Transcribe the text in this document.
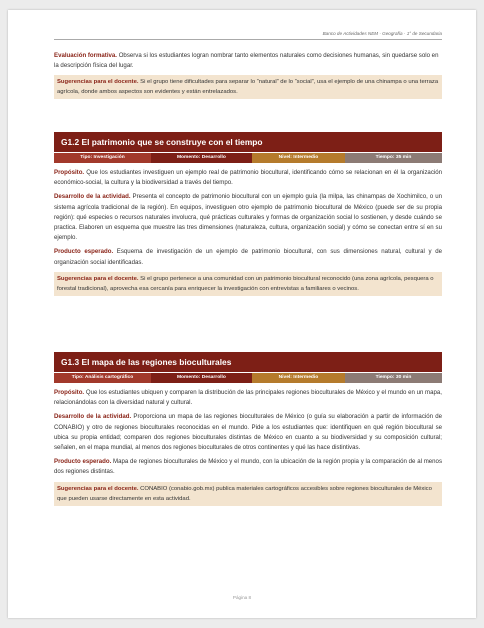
Banco de Actividades NEM · Geografía · 1° de Secundaria

Evaluación formativa. Observa si los estudiantes logran nombrar tanto elementos naturales como decisiones humanas, sin quedarse solo en la descripción física del lugar.

Sugerencias para el docente. Si el grupo tiene dificultades para separar lo “natural” de lo “social”, usa el ejemplo de una chinampa o una terraza agrícola, donde ambos aspectos son evidentes y están entrelazados.
G1.2 El patrimonio que se construye con el tiempo
Tipo: Investigación	Momento: Desarrollo	Nivel: Intermedio	Tiempo: 35 min

Propósito. Que los estudiantes investiguen un ejemplo real de patrimonio biocultural, identificando cómo se relacionan en él la organización económico-social, la cultura y la biodiversidad a través del tiempo.

Desarrollo de la actividad. Presenta el concepto de patrimonio biocultural con un ejemplo guía (la milpa, las chinampas de Xochimilco, o un sistema agrícola tradicional de la región). En equipos, investiguen otro ejemplo de patrimonio biocultural de México (puede ser de su propia región): qué especies o recursos naturales involucra, qué prácticas culturales y formas de organización social lo sostienen, y desde cuándo se practica. Elaboren un esquema que muestre las tres dimensiones (naturaleza, cultura, organización social) y cómo se conectan entre sí en su ejemplo.

Producto esperado. Esquema de investigación de un ejemplo de patrimonio biocultural, con sus dimensiones natural, cultural y de organización social identificadas.

Sugerencias para el docente. Si el grupo pertenece a una comunidad con un patrimonio biocultural reconocido (una zona agrícola, pesquera o forestal tradicional), aprovecha esa cercanía para enriquecer la investigación con entrevistas a familiares o vecinos.
G1.3 El mapa de las regiones bioculturales
Tipo: Análisis cartográfico	Momento: Desarrollo	Nivel: Intermedio	Tiempo: 30 min

Propósito. Que los estudiantes ubiquen y comparen la distribución de las principales regiones bioculturales de México y el mundo en un mapa, relacionándolas con la diversidad natural y cultural.

Desarrollo de la actividad. Proporciona un mapa de las regiones bioculturales de México (o guía su elaboración a partir de información de CONABIO) y otro de regiones bioculturales reconocidas en el mundo. Pide a los estudiantes que: identifiquen en qué región biocultural se ubica su propia entidad; comparen dos regiones bioculturales distintas de México en cuanto a su biodiversidad y su composición cultural; señalen, en el mapa mundial, al menos dos regiones bioculturales de otros continentes y qué las hace distintivas.

Producto esperado. Mapa de regiones bioculturales de México y el mundo, con la ubicación de la región propia y la comparación de al menos dos regiones distintas.

Sugerencias para el docente. CONABIO (conabio.gob.mx) publica materiales cartográficos accesibles sobre regiones bioculturales de México que pueden usarse directamente en esta actividad.
Página 8
